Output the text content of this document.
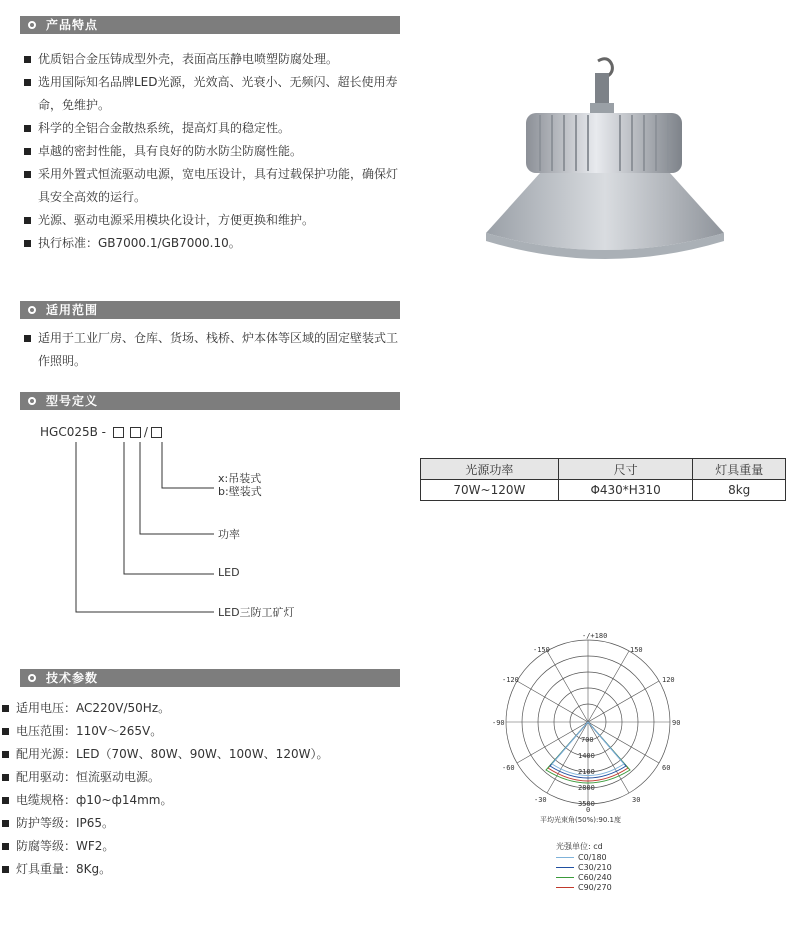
产品特点
优质铝合金压铸成型外壳，表面高压静电喷塑防腐处理。
选用国际知名品牌LED光源，光效高、光衰小、无频闪、超长使用寿命，免维护。
科学的全铝合金散热系统，提高灯具的稳定性。
卓越的密封性能，具有良好的防水防尘防腐性能。
采用外置式恒流驱动电源，宽电压设计，具有过载保护功能，确保灯具安全高效的运行。
光源、驱动电源采用模块化设计，方便更换和维护。
执行标准：GB7000.1/GB7000.10。
适用范围
适用于工业厂房、仓库、货场、栈桥、炉本体等区域的固定壁装式工作照明。
型号定义
HGC025B -	/
x:吊装式
b:壁装式
功率
LED
LED三防工矿灯
光源功率	尺寸	灯具重量
70W~120W	Φ430*H310	8kg
技术参数
适用电压：AC220V/50Hz。
电压范围：110V～265V。
配用光源：LED（70W、80W、90W、100W、120W）。
配用驱动：恒流驱动电源。
电缆规格：ф10~ф14mm。
防护等级：IP65。
防腐等级：WF2。
灯具重量：8Kg。
-/+180
-150	150
-120	120
-90	90
-60	60
-30	30
0
700
1400
2100
2800
3500
平均光束角(50%):90.1度
光强单位: cd
C0/180
C30/210
C60/240
C90/270
